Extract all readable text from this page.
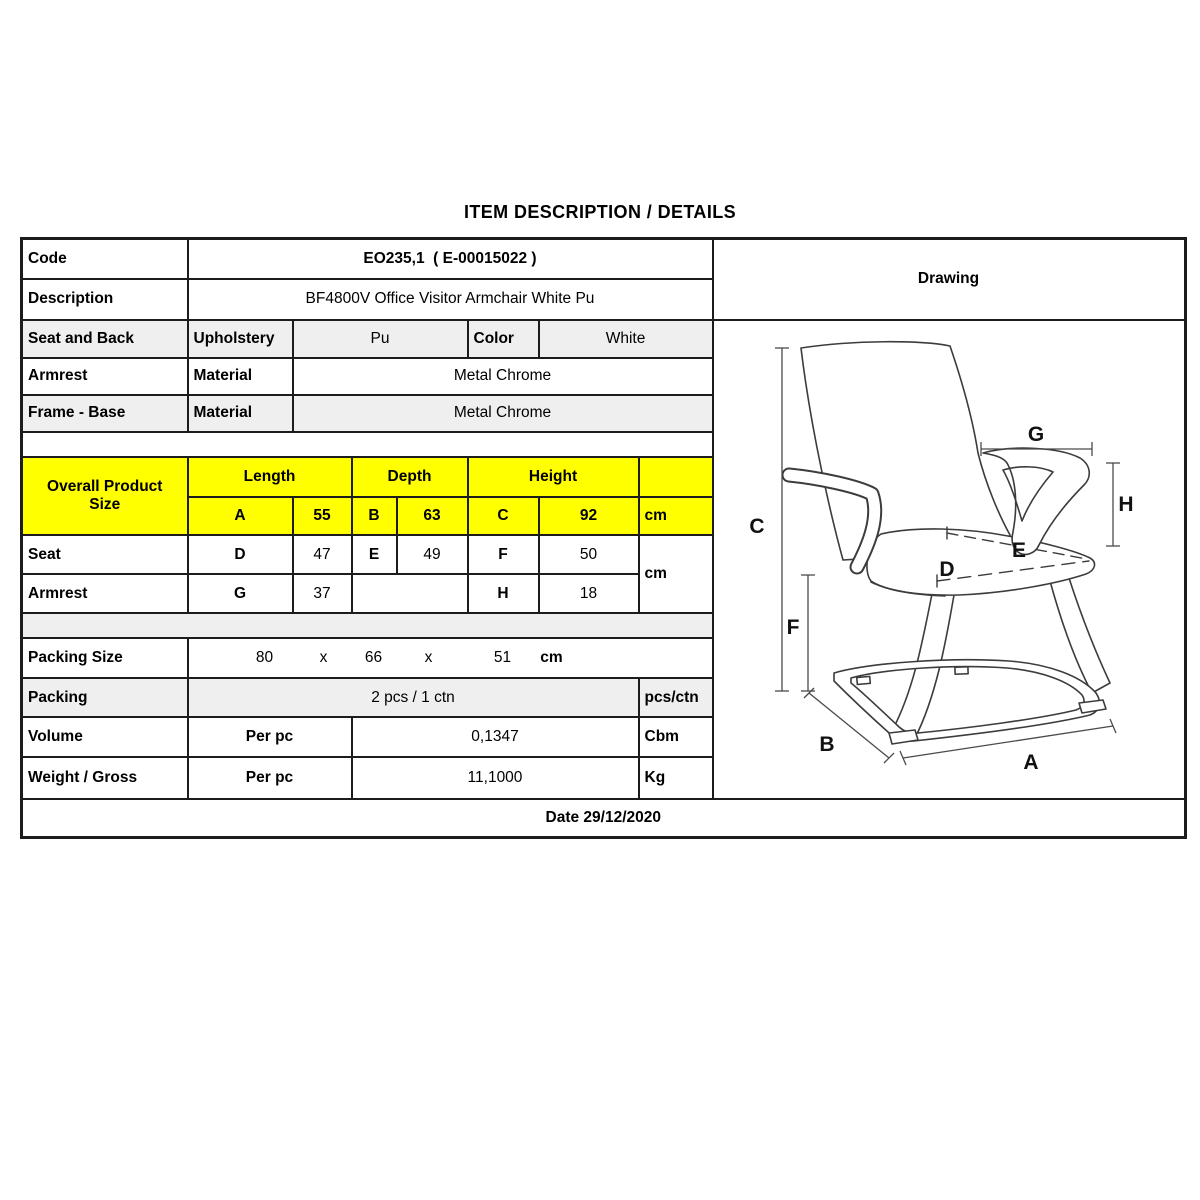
ITEM DESCRIPTION / DETAILS
Code	EO235,1  ( E-00015022 )							Drawing
Description	BF4800V Office Visitor Armchair White Pu							
Seat and Back	Upholstery	Pu	Color	White	
C
F
G
H
E
D
B
A

Armrest	Material	Metal Chrome						
Frame - Base	Material	Metal Chrome						

Overall Product
Size	Length		Depth		Height			
	A	55	B	63	C	92	cm	
Seat	D	47	E	49	F	50	cm	
Armrest	G	37			H	18		

Packing Size	80	x 66	x	51 cm

Packing	2 pcs / 1 ctn						pcs/ctn	
Volume	Per pc		0,1347				Cbm	
Weight / Gross	Per pc		11,1000				Kg	
Date 29/12/2020								
